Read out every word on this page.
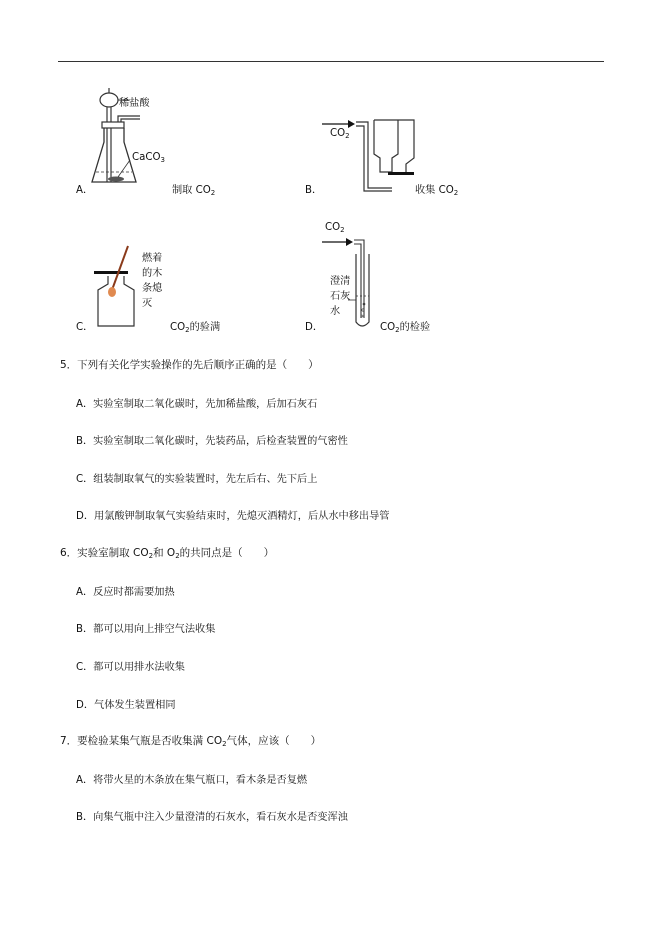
A．
稀盐酸
CaCO$_3$
制取 $CO_2$	B．
$CO_2$
收集 $CO_2$
C．
燃着
的木
条熄
灭
$CO_2$的验满	D．
$CO_2$
澄清
石灰
水
$CO_2$的检验
5．下列有关化学实验操作的先后顺序正确的是（　　）
A．实验室制取二氧化碳时，先加稀盐酸，后加石灰石
B．实验室制取二氧化碳时，先装药品，后检查装置的气密性
C．组装制取氧气的实验装置时，先左后右、先下后上
D．用氯酸钾制取氧气实验结束时，先熄灭酒精灯，后从水中移出导管
6．实验室制取 $CO_2$和 $O_2$的共同点是（　　）
A．反应时都需要加热
B．都可以用向上排空气法收集
C．都可以用排水法收集
D．气体发生装置相同
7．要检验某集气瓶是否收集满 $CO_2$气体，应该（　　）
A．将带火星的木条放在集气瓶口，看木条是否复燃
B．向集气瓶中注入少量澄清的石灰水，看石灰水是否变浑浊
